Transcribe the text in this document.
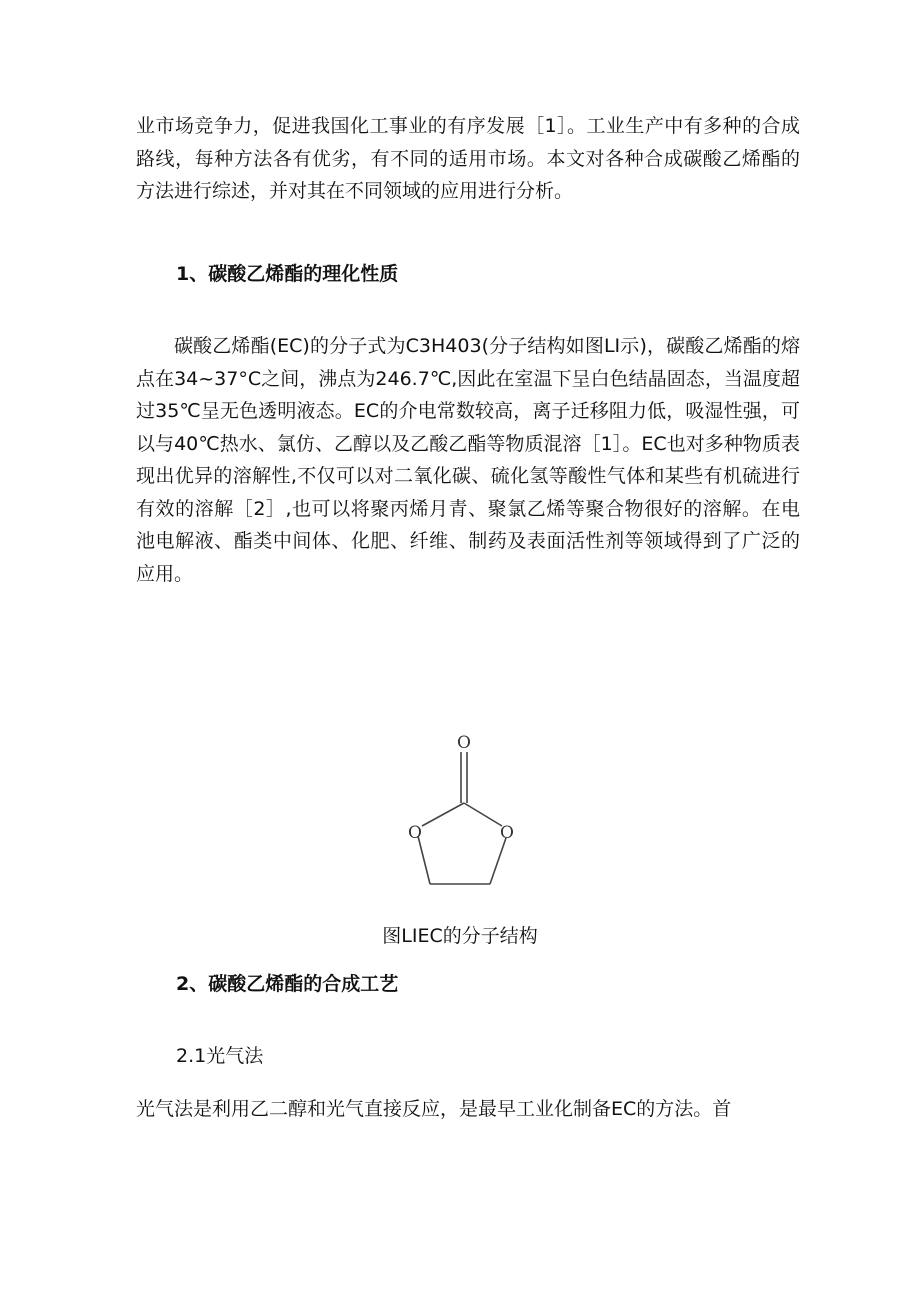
业市场竞争力，促进我国化工事业的有序发展［1］。工业生产中有多种的合成路线，每种方法各有优劣，有不同的适用市场。本文对各种合成碳酸乙烯酯的方法进行综述，并对其在不同领域的应用进行分析。

1、碳酸乙烯酯的理化性质

碳酸乙烯酯(EC)的分子式为C3H403(分子结构如图LI示)，碳酸乙烯酯的熔点在34~37°C之间，沸点为246.7℃,因此在室温下呈白色结晶固态，当温度超过35℃呈无色透明液态。EC的介电常数较高，离子迁移阻力低，吸湿性强，可以与40℃热水、氯仿、乙醇以及乙酸乙酯等物质混溶［1］。EC也对多种物质表现出优异的溶解性,不仅可以对二氧化碳、硫化氢等酸性气体和某些有机硫进行有效的溶解［2］,也可以将聚丙烯月青、聚氯乙烯等聚合物很好的溶解。在电池电解液、酯类中间体、化肥、纤维、制药及表面活性剂等领域得到了广泛的应用。

O
O	O

图LIEC的分子结构

2、碳酸乙烯酯的合成工艺

2.1光气法

光气法是利用乙二醇和光气直接反应，是最早工业化制备EC的方法。首
